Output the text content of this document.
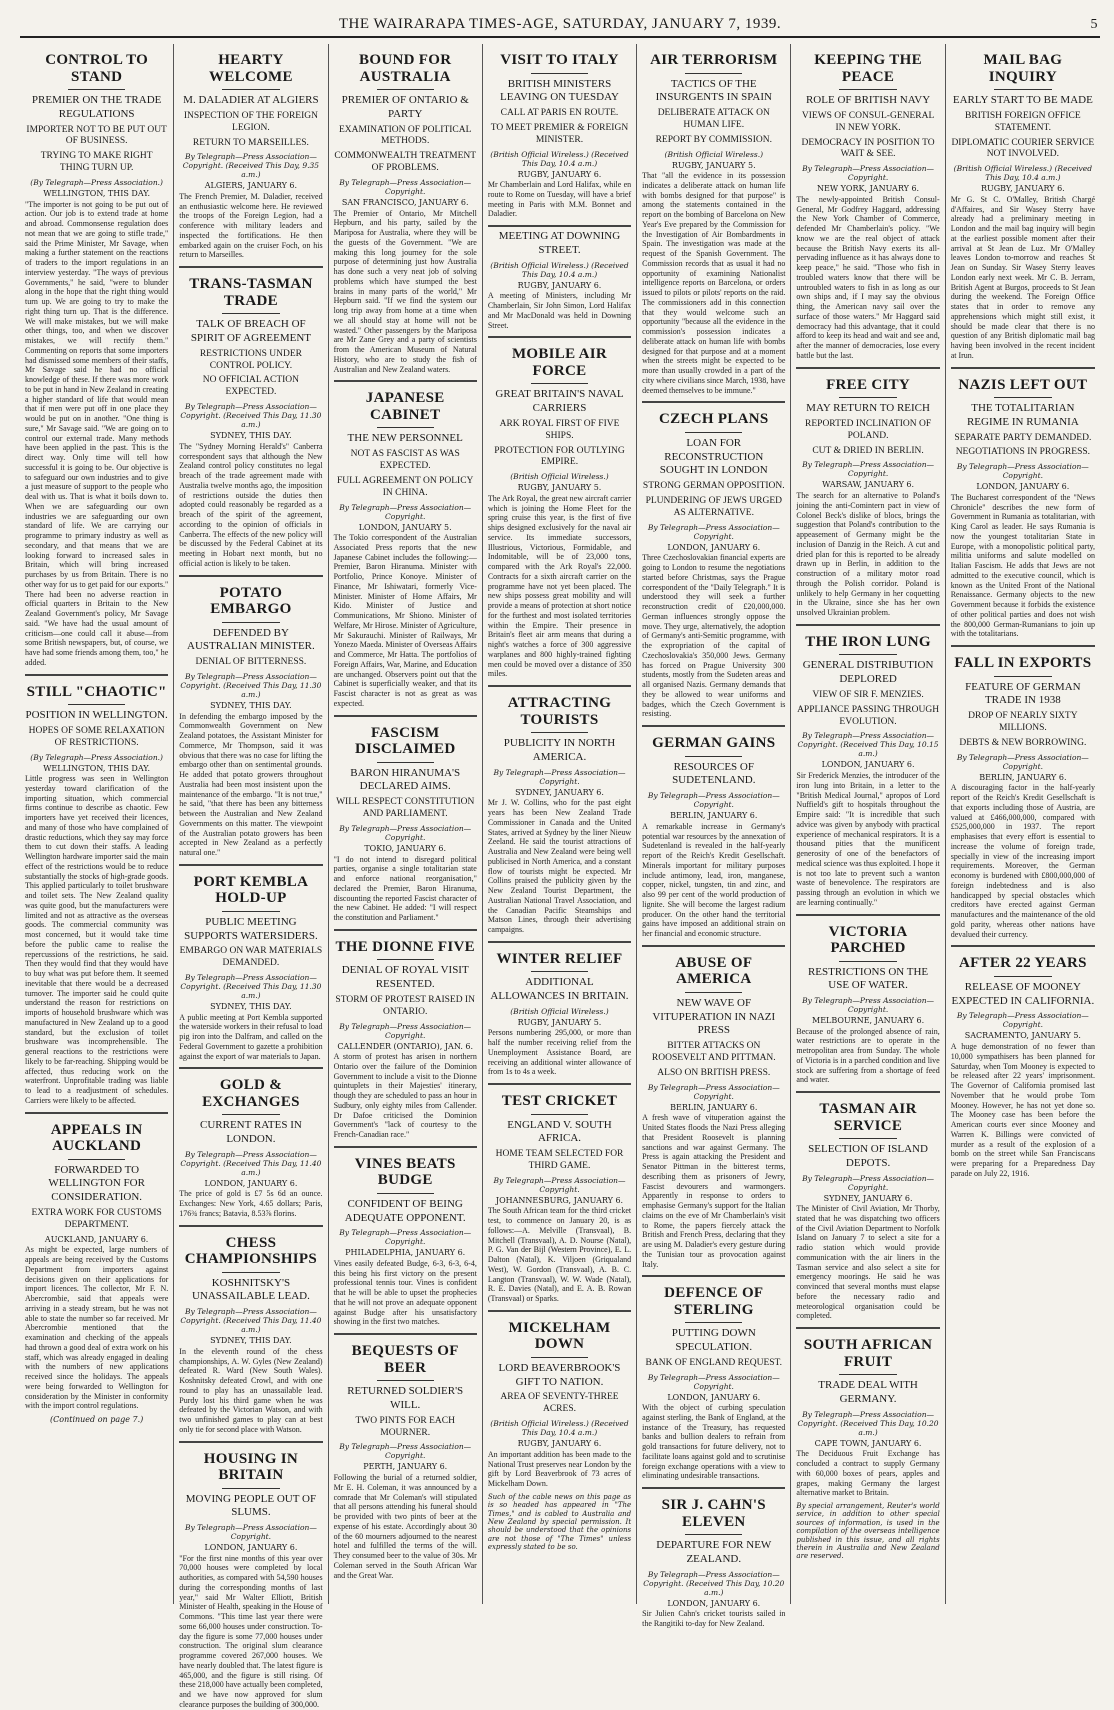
THE WAIRARAPA TIMES-AGE, SATURDAY, JANUARY 7, 1939.	5
CONTROL TO STAND
PREMIER ON THE TRADE REGULATIONS
IMPORTER NOT TO BE PUT OUT OF BUSINESS.
TRYING TO MAKE RIGHT THING TURN UP.
(By Telegraph—Press Association.)
WELLINGTON, THIS DAY.

"The importer is not going to be put out of action. Our job is to extend trade at home and abroad. Commonsense regulation does not mean that we are going to stifle trade," said the Prime Minister, Mr Savage, when making a further statement on the reactions of traders to the import regulations in an interview yesterday. "The ways of previous Governments," he said, "were to blunder along in the hope that the right thing would turn up. We are going to try to make the right thing turn up. That is the difference. We will make mistakes, but we will make other things, too, and when we discover mistakes, we will rectify them." Commenting on reports that some importers had dismissed some members of their staffs, Mr Savage said he had no official knowledge of these. If there was more work to be put in hand in New Zealand in creating a higher standard of life that would mean that if men were put off in one place they would be put on in another. "One thing is sure," Mr Savage said. "We are going on to control our external trade. Many methods have been applied in the past. This is the direct way. Only time will tell how successful it is going to be. Our objective is to safeguard our own industries and to give a just measure of support to the people who deal with us. That is what it boils down to. When we are safeguarding our own industries we are safeguarding our own standard of life. We are carrying our programme to primary industry as well as secondary, and that means that we are looking forward to increased sales in Britain, which will bring increased purchases by us from Britain. There is no other way for us to get paid for our exports." There had been no adverse reaction in official quarters in Britain to the New Zealand Government's policy, Mr Savage said. "We have had the usual amount of criticism—one could call it abuse—from some British newspapers, but, of course, we have had some friends among them, too," he added.

STILL "CHAOTIC"
POSITION IN WELLINGTON.
HOPES OF SOME RELAXATION OF RESTRICTIONS.
(By Telegraph—Press Association.)
WELLINGTON, THIS DAY.

Little progress was seen in Wellington yesterday toward clarification of the importing situation, which commercial firms continue to describe as chaotic. Few importers have yet received their licences, and many of those who have complained of drastic reductions, which they say may force them to cut down their staffs. A leading Wellington hardware importer said the main effect of the restrictions would be to reduce substantially the stocks of high-grade goods. This applied particularly to toilet brushware and toilet sets. The New Zealand quality was quite good, but the manufacturers were limited and not as attractive as the overseas goods. The commercial community was most concerned, but it would take time before the public came to realise the repercussions of the restrictions, he said. Then they would find that they would have to buy what was put before them. It seemed inevitable that there would be a decreased turnover. The importer said he could quite understand the reason for restrictions on imports of household brushware which was manufactured in New Zealand up to a good standard, but the exclusion of toilet brushware was incomprehensible. The general reactions to the restrictions were likely to be far-reaching. Shipping would be affected, thus reducing work on the waterfront. Unprofitable trading was liable to lead to a readjustment of schedules. Carriers were likely to be affected.

APPEALS IN AUCKLAND
FORWARDED TO WELLINGTON FOR CONSIDERATION.
EXTRA WORK FOR CUSTOMS DEPARTMENT.
AUCKLAND, JANUARY 6.

As might be expected, large numbers of appeals are being received by the Customs Department from importers against decisions given on their applications for import licences. The collector, Mr F. N. Abercrombie, said that appeals were arriving in a steady stream, but he was not able to state the number so far received. Mr Abercrombie mentioned that the examination and checking of the appeals had thrown a good deal of extra work on his staff, which was already engaged in dealing with the numbers of new applications received since the holidays. The appeals were being forwarded to Wellington for consideration by the Minister in conformity with the import control regulations.

(Continued on page 7.)
HEARTY WELCOME
M. DALADIER AT ALGIERS
INSPECTION OF THE FOREIGN LEGION.
RETURN TO MARSEILLES.
By Telegraph—Press Association—Copyright. (Received This Day, 9.35 a.m.)
ALGIERS, JANUARY 6.

The French Premier, M. Daladier, received an enthusiastic welcome here. He reviewed the troops of the Foreign Legion, had a conference with military leaders and inspected the fortifications. He then embarked again on the cruiser Foch, on his return to Marseilles.

TRANS-TASMAN TRADE
TALK OF BREACH OF SPIRIT OF AGREEMENT
RESTRICTIONS UNDER CONTROL POLICY.
NO OFFICIAL ACTION EXPECTED.
By Telegraph—Press Association—Copyright. (Received This Day, 11.30 a.m.)
SYDNEY, THIS DAY.

The "Sydney Morning Herald's" Canberra correspondent says that although the New Zealand control policy constitutes no legal breach of the trade agreement made with Australia twelve months ago, the imposition of restrictions outside the duties then adopted could reasonably be regarded as a breach of the spirit of the agreement, according to the opinion of officials in Canberra. The effects of the new policy will be discussed by the Federal Cabinet at its meeting in Hobart next month, but no official action is likely to be taken.

POTATO EMBARGO
DEFENDED BY AUSTRALIAN MINISTER.
DENIAL OF BITTERNESS.
By Telegraph—Press Association—Copyright. (Received This Day, 11.30 a.m.)
SYDNEY, THIS DAY.

In defending the embargo imposed by the Commonwealth Government on New Zealand potatoes, the Assistant Minister for Commerce, Mr Thompson, said it was obvious that there was no case for lifting the embargo other than on sentimental grounds. He added that potato growers throughout Australia had been most insistent upon the maintenance of the embargo. "It is not true," he said, "that there has been any bitterness between the Australian and New Zealand Governments on this matter. The viewpoint of the Australian potato growers has been accepted in New Zealand as a perfectly natural one."

PORT KEMBLA HOLD-UP
PUBLIC MEETING SUPPORTS WATERSIDERS.
EMBARGO ON WAR MATERIALS DEMANDED.
By Telegraph—Press Association—Copyright. (Received This Day, 11.30 a.m.)
SYDNEY, THIS DAY.

A public meeting at Port Kembla supported the waterside workers in their refusal to load pig iron into the Dalfram, and called on the Federal Government to gazette a prohibition against the export of war materials to Japan.

GOLD & EXCHANGES
CURRENT RATES IN LONDON.
By Telegraph—Press Association—Copyright. (Received This Day, 11.40 a.m.)
LONDON, JANUARY 6.

The price of gold is £7 5s 6d an ounce. Exchanges: New York, 4.65 dollars; Paris, 176¾ francs; Batavia, 8.53⅞ florins.

CHESS CHAMPIONSHIPS
KOSHNITSKY'S UNASSAILABLE LEAD.
By Telegraph—Press Association—Copyright. (Received This Day, 11.40 a.m.)
SYDNEY, THIS DAY.

In the eleventh round of the chess championships, A. W. Gyles (New Zealand) defeated R. Ward (New South Wales). Koshnitsky defeated Crowl, and with one round to play has an unassailable lead. Purdy lost his third game when he was defeated by the Victorian Watson, and with two unfinished games to play can at best only tie for second place with Watson.

HOUSING IN BRITAIN
MOVING PEOPLE OUT OF SLUMS.
By Telegraph—Press Association—Copyright.
LONDON, JANUARY 6.

"For the first nine months of this year over 70,000 houses were completed by local authorities, as compared with 54,590 houses during the corresponding months of last year," said Mr Walter Elliott, British Minister of Health, speaking in the House of Commons. "This time last year there were some 66,000 houses under construction. To-day the figure is some 77,000 houses under construction. The original slum clearance programme covered 267,000 houses. We have nearly doubled that. The latest figure is 465,000, and the figure is still rising. Of these 218,000 have actually been completed, and we have now approved for slum clearance purposes the building of 300,000.

BOUND FOR AUSTRALIA
PREMIER OF ONTARIO & PARTY
EXAMINATION OF POLITICAL METHODS.
COMMONWEALTH TREATMENT OF PROBLEMS.
By Telegraph—Press Association—Copyright.
SAN FRANCISCO, JANUARY 6.

The Premier of Ontario, Mr Mitchell Hepburn, and his party, sailed by the Mariposa for Australia, where they will be the guests of the Government. "We are making this long journey for the sole purpose of determining just how Australia has done such a very neat job of solving problems which have stumped the best brains in many parts of the world," Mr Hepburn said. "If we find the system our long trip away from home at a time when we all should stay at home will not be wasted." Other passengers by the Mariposa are Mr Zane Grey and a party of scientists from the American Museum of Natural History, who are to study the fish of Australian and New Zealand waters.

JAPANESE CABINET
THE NEW PERSONNEL
NOT AS FASCIST AS WAS EXPECTED.
FULL AGREEMENT ON POLICY IN CHINA.
By Telegraph—Press Association—Copyright.
LONDON, JANUARY 5.

The Tokio correspondent of the Australian Associated Press reports that the new Japanese Cabinet includes the following:— Premier, Baron Hiranuma. Minister with Portfolio, Prince Konoye. Minister of Finance, Mr Ishiwatari, formerly Vice-Minister. Minister of Home Affairs, Mr Kido. Minister of Justice and Communications, Mr Shiono. Minister of Welfare, Mr Hirose. Minister of Agriculture, Mr Sakurauchi. Minister of Railways, Mr Yonezo Maeda. Minister of Overseas Affairs and Commerce, Mr Hatta. The portfolios of Foreign Affairs, War, Marine, and Education are unchanged. Observers point out that the Cabinet is superficially weaker, and that its Fascist character is not as great as was expected.

FASCISM DISCLAIMED
BARON HIRANUMA'S DECLARED AIMS.
WILL RESPECT CONSTITUTION AND PARLIAMENT.
By Telegraph—Press Association—Copyright.
TOKIO, JANUARY 6.

"I do not intend to disregard political parties, organise a single totalitarian state and enforce national reorganisation," declared the Premier, Baron Hiranuma, discounting the reported Fascist character of the new Cabinet. He added: "I will respect the constitution and Parliament."

THE DIONNE FIVE
DENIAL OF ROYAL VISIT RESENTED.
STORM OF PROTEST RAISED IN ONTARIO.
By Telegraph—Press Association—Copyright.
CALLENDER (ONTARIO), JAN. 6.

A storm of protest has arisen in northern Ontario over the failure of the Dominion Government to include a visit to the Dionne quintuplets in their Majesties' itinerary, though they are scheduled to pass an hour in Sudbury, only eighty miles from Callender. Dr Dafoe criticised the Dominion Government's "lack of courtesy to the French-Canadian race."

VINES BEATS BUDGE
CONFIDENT OF BEING ADEQUATE OPPONENT.
By Telegraph—Press Association—Copyright.
PHILADELPHIA, JANUARY 6.

Vines easily defeated Budge, 6-3, 6-3, 6-4, this being his first victory on the present professional tennis tour. Vines is confident that he will be able to upset the prophecies that he will not prove an adequate opponent against Budge after his unsatisfactory showing in the first two matches.

BEQUESTS OF BEER
RETURNED SOLDIER'S WILL.
TWO PINTS FOR EACH MOURNER.
By Telegraph—Press Association—Copyright.
PERTH, JANUARY 6.

Following the burial of a returned soldier, Mr E. H. Coleman, it was announced by a comrade that Mr Coleman's will stipulated that all persons attending his funeral should be provided with two pints of beer at the expense of his estate. Accordingly about 30 of the 60 mourners adjourned to the nearest hotel and fulfilled the terms of the will. They consumed beer to the value of 30s. Mr Coleman served in the South African War and the Great War.

VISIT TO ITALY
BRITISH MINISTERS LEAVING ON TUESDAY
CALL AT PARIS EN ROUTE.
TO MEET PREMIER & FOREIGN MINISTER.
(British Official Wireless.) (Received This Day, 10.4 a.m.)
RUGBY, JANUARY 6.

Mr Chamberlain and Lord Halifax, while en route to Rome on Tuesday, will have a brief meeting in Paris with M.M. Bonnet and Daladier.

MEETING AT DOWNING STREET.
(British Official Wireless.) (Received This Day, 10.4 a.m.)
RUGBY, JANUARY 6.

A meeting of Ministers, including Mr Chamberlain, Sir John Simon, Lord Halifax and Mr MacDonald was held in Downing Street.

MOBILE AIR FORCE
GREAT BRITAIN'S NAVAL CARRIERS
ARK ROYAL FIRST OF FIVE SHIPS.
PROTECTION FOR OUTLYING EMPIRE.
(British Official Wireless.)
RUGBY, JANUARY 5.

The Ark Royal, the great new aircraft carrier which is joining the Home Fleet for the spring cruise this year, is the first of five ships designed exclusively for the naval air service. Its immediate successors, Illustrious, Victorious, Formidable, and Indomitable, will be of 23,000 tons, compared with the Ark Royal's 22,000. Contracts for a sixth aircraft carrier on the programme have not yet been placed. The new ships possess great mobility and will provide a means of protection at short notice for the furthest and most isolated territories within the Empire. Their presence in Britain's fleet air arm means that during a night's watches a force of 300 aggressive warplanes and 800 highly-trained fighting men could be moved over a distance of 350 miles.

ATTRACTING TOURISTS
PUBLICITY IN NORTH AMERICA.
By Telegraph—Press Association—Copyright.
SYDNEY, JANUARY 6.

Mr J. W. Collins, who for the past eight years has been New Zealand Trade Commissioner in Canada and the United States, arrived at Sydney by the liner Nieuw Zeeland. He said the tourist attractions of Australia and New Zealand were being well publicised in North America, and a constant flow of tourists might be expected. Mr Collins praised the publicity given by the New Zealand Tourist Department, the Australian National Travel Association, and the Canadian Pacific Steamships and Matson Lines, through their advertising campaigns.

WINTER RELIEF
ADDITIONAL ALLOWANCES IN BRITAIN.
(British Official Wireless.)
RUGBY, JANUARY 5.

Persons numbering 295,000, or more than half the number receiving relief from the Unemployment Assistance Board, are receiving an additional winter allowance of from 1s to 4s a week.

TEST CRICKET
ENGLAND V. SOUTH AFRICA.
HOME TEAM SELECTED FOR THIRD GAME.
By Telegraph—Press Association—Copyright.
JOHANNESBURG, JANUARY 6.

The South African team for the third cricket test, to commence on January 20, is as follows:—A. Melville (Transvaal), B. Mitchell (Transvaal), A. D. Nourse (Natal), P. G. Van der Bijl (Western Province), E. L. Dalton (Natal), K. Viljoen (Griqualand West), W. Gordon (Transvaal), A. B. C. Langton (Transvaal), W. W. Wade (Natal), R. E. Davies (Natal), and E. A. B. Rowan (Transvaal) or Sparks.

MICKELHAM DOWN
LORD BEAVERBROOK'S GIFT TO NATION.
AREA OF SEVENTY-THREE ACRES.
(British Official Wireless.) (Received This Day, 10.4 a.m.)
RUGBY, JANUARY 6.

An important addition has been made to the National Trust preserves near London by the gift by Lord Beaverbrook of 73 acres of Mickelham Down.

Such of the cable news on this page as is so headed has appeared in "The Times," and is cabled to Australia and New Zealand by special permission. It should be understood that the opinions are not those of "The Times" unless expressly stated to be so.
AIR TERRORISM
TACTICS OF THE INSURGENTS IN SPAIN
DELIBERATE ATTACK ON HUMAN LIFE.
REPORT BY COMMISSION.
(British Official Wireless.)
RUGBY, JANUARY 5.

That "all the evidence in its possession indicates a deliberate attack on human life with bombs designed for that purpose" is among the statements contained in the report on the bombing of Barcelona on New Year's Eve prepared by the Commission for the Investigation of Air Bombardments in Spain. The investigation was made at the request of the Spanish Government. The Commission records that as usual it had no opportunity of examining Nationalist intelligence reports on Barcelona, or orders issued to pilots or pilots' reports on the raid. The commissioners add in this connection that they would welcome such an opportunity "because all the evidence in the commission's possession indicates a deliberate attack on human life with bombs designed for that purpose and at a moment when the streets might be expected to be more than usually crowded in a part of the city where civilians since March, 1938, have deemed themselves to be immune."

CZECH PLANS
LOAN FOR RECONSTRUCTION SOUGHT IN LONDON
STRONG GERMAN OPPOSITION.
PLUNDERING OF JEWS URGED AS ALTERNATIVE.
By Telegraph—Press Association—Copyright.
LONDON, JANUARY 6.

Three Czechoslovakian financial experts are going to London to resume the negotiations started before Christmas, says the Prague correspondent of the "Daily Telegraph." It is understood they will seek a further reconstruction credit of £20,000,000. German influences strongly oppose the move. They urge, alternatively, the adoption of Germany's anti-Semitic programme, with the expropriation of the capital of Czechoslovakia's 350,000 Jews. Germany has forced on Prague University 300 students, mostly from the Sudeten areas and all organised Nazis. Germany demands that they be allowed to wear uniforms and badges, which the Czech Government is resisting.

GERMAN GAINS
RESOURCES OF SUDETENLAND.
By Telegraph—Press Association—Copyright.
BERLIN, JANUARY 6.

A remarkable increase in Germany's potential war resources by the annexation of Sudetenland is revealed in the half-yearly report of the Reich's Kredit Gesellschaft. Minerals important for military purposes include antimony, lead, iron, manganese, copper, nickel, tungsten, tin and zinc, and also 99 per cent of the world production of lignite. She will become the largest radium producer. On the other hand the territorial gains have imposed an additional strain on her financial and economic structure.

ABUSE OF AMERICA
NEW WAVE OF VITUPERATION IN NAZI PRESS
BITTER ATTACKS ON ROOSEVELT AND PITTMAN.
ALSO ON BRITISH PRESS.
By Telegraph—Press Association—Copyright.
BERLIN, JANUARY 6.

A fresh wave of vituperation against the United States floods the Nazi Press alleging that President Roosevelt is planning sanctions and war against Germany. The Press is again attacking the President and Senator Pittman in the bitterest terms, describing them as prisoners of Jewry, Fascist devourers and warmongers. Apparently in response to orders to emphasise Germany's support for the Italian claims on the eve of Mr Chamberlain's visit to Rome, the papers fiercely attack the British and French Press, declaring that they are using M. Daladier's every gesture during the Tunisian tour as provocation against Italy.

DEFENCE OF STERLING
PUTTING DOWN SPECULATION.
BANK OF ENGLAND REQUEST.
By Telegraph—Press Association—Copyright.
LONDON, JANUARY 6.

With the object of curbing speculation against sterling, the Bank of England, at the instance of the Treasury, has requested banks and bullion dealers to refrain from gold transactions for future delivery, not to facilitate loans against gold and to scrutinise foreign exchange operations with a view to eliminating undesirable transactions.

SIR J. CAHN'S ELEVEN
DEPARTURE FOR NEW ZEALAND.
By Telegraph—Press Association—Copyright. (Received This Day, 10.20 a.m.)
LONDON, JANUARY 6.

Sir Julien Cahn's cricket tourists sailed in the Rangitiki to-day for New Zealand.

KEEPING THE PEACE
ROLE OF BRITISH NAVY
VIEWS OF CONSUL-GENERAL IN NEW YORK.
DEMOCRACY IN POSITION TO WAIT & SEE.
By Telegraph—Press Association—Copyright.
NEW YORK, JANUARY 6.

The newly-appointed British Consul-General, Mr Godfrey Haggard, addressing the New York Chamber of Commerce, defended Mr Chamberlain's policy. "We know we are the real object of attack because the British Navy exerts its all-pervading influence as it has always done to keep peace," he said. "Those who fish in troubled waters know that there will be untroubled waters to fish in as long as our own ships and, if I may say the obvious thing, the American navy sail over the surface of those waters." Mr Haggard said democracy had this advantage, that it could afford to keep its head and wait and see and, after the manner of democracies, lose every battle but the last.

FREE CITY
MAY RETURN TO REICH
REPORTED INCLINATION OF POLAND.
CUT & DRIED IN BERLIN.
By Telegraph—Press Association—Copyright.
WARSAW, JANUARY 6.

The search for an alternative to Poland's joining the anti-Comintern pact in view of Colonel Beck's dislike of blocs, brings the suggestion that Poland's contribution to the appeasement of Germany might be the inclusion of Danzig in the Reich. A cut and dried plan for this is reported to be already drawn up in Berlin, in addition to the construction of a military motor road through the Polish corridor. Poland is unlikely to help Germany in her coquetting in the Ukraine, since she has her own unsolved Ukrainian problem.

THE IRON LUNG
GENERAL DISTRIBUTION DEPLORED
VIEW OF SIR F. MENZIES.
APPLIANCE PASSING THROUGH EVOLUTION.
By Telegraph—Press Association—Copyright. (Received This Day, 10.15 a.m.)
LONDON, JANUARY 6.

Sir Frederick Menzies, the introducer of the iron lung into Britain, in a letter to the "British Medical Journal," apropos of Lord Nuffield's gift to hospitals throughout the Empire said: "It is incredible that such advice was given by anybody with practical experience of mechanical respirators. It is a thousand pities that the munificent generosity of one of the benefactors of medical science was thus exploited. I hope it is not too late to prevent such a wanton waste of benevolence. The respirators are passing through an evolution in which we are learning continually."

VICTORIA PARCHED
RESTRICTIONS ON THE USE OF WATER.
By Telegraph—Press Association—Copyright.
MELBOURNE, JANUARY 6.

Because of the prolonged absence of rain, water restrictions are to operate in the metropolitan area from Sunday. The whole of Victoria is in a parched condition and live stock are suffering from a shortage of feed and water.

TASMAN AIR SERVICE
SELECTION OF ISLAND DEPOTS.
By Telegraph—Press Association—Copyright.
SYDNEY, JANUARY 6.

The Minister of Civil Aviation, Mr Thorby, stated that he was dispatching two officers of the Civil Aviation Department to Norfolk Island on January 7 to select a site for a radio station which would provide communication with the air liners in the Tasman service and also select a site for emergency moorings. He said he was convinced that several months must elapse before the necessary radio and meteorological organisation could be completed.

SOUTH AFRICAN FRUIT
TRADE DEAL WITH GERMANY.
By Telegraph—Press Association—Copyright. (Received This Day, 10.20 a.m.)
CAPE TOWN, JANUARY 6.

The Deciduous Fruit Exchange has concluded a contract to supply Germany with 60,000 boxes of pears, apples and grapes, making Germany the largest alternative market to Britain.

By special arrangement, Reuter's world service, in addition to other special sources of information, is used in the compilation of the overseas intelligence published in this issue, and all rights therein in Australia and New Zealand are reserved.
MAIL BAG INQUIRY
EARLY START TO BE MADE
BRITISH FOREIGN OFFICE STATEMENT.
DIPLOMATIC COURIER SERVICE NOT INVOLVED.
(British Official Wireless.) (Received This Day, 10.4 a.m.)
RUGBY, JANUARY 6.

Mr G. St C. O'Malley, British Chargé d'Affaires, and Sir Wasey Sterry have already had a preliminary meeting in London and the mail bag inquiry will begin at the earliest possible moment after their arrival at St Jean de Luz. Mr O'Malley leaves London to-morrow and reaches St Jean on Sunday. Sir Wasey Sterry leaves London early next week. Mr C. B. Jerram, British Agent at Burgos, proceeds to St Jean during the weekend. The Foreign Office states that in order to remove any apprehensions which might still exist, it should be made clear that there is no question of any British diplomatic mail bag having been involved in the recent incident at Irun.

NAZIS LEFT OUT
THE TOTALITARIAN REGIME IN RUMANIA
SEPARATE PARTY DEMANDED.
NEGOTIATIONS IN PROGRESS.
By Telegraph—Press Association—Copyright.
LONDON, JANUARY 6.

The Bucharest correspondent of the "News Chronicle" describes the new form of Government in Rumania as totalitarian, with King Carol as leader. He says Rumania is now the youngest totalitarian State in Europe, with a monopolistic political party, militia uniforms and salute modelled on Italian Fascism. He adds that Jews are not admitted to the executive council, which is known as the United Front of the National Renaissance. Germany objects to the new Government because it forbids the existence of other political parties and does not wish the 800,000 German-Rumanians to join up with the totalitarians.

FALL IN EXPORTS
FEATURE OF GERMAN TRADE IN 1938
DROP OF NEARLY SIXTY MILLIONS.
DEBTS & NEW BORROWING.
By Telegraph—Press Association—Copyright.
BERLIN, JANUARY 6.

A discouraging factor in the half-yearly report of the Reich's Kredit Gesellschaft is that exports including those of Austria, are valued at £466,000,000, compared with £525,000,000 in 1937. The report emphasises that every effort is essential to increase the volume of foreign trade, specially in view of the increasing import requirements. Moreover, the German economy is burdened with £800,000,000 of foreign indebtedness and is also handicapped by special obstacles which creditors have erected against German manufactures and the maintenance of the old gold parity, whereas other nations have devalued their currency.

AFTER 22 YEARS
RELEASE OF MOONEY EXPECTED IN CALIFORNIA.
By Telegraph—Press Association—Copyright.
SACRAMENTO, JANUARY 5.

A huge demonstration of no fewer than 10,000 sympathisers has been planned for Saturday, when Tom Mooney is expected to be released after 22 years' imprisonment. The Governor of California promised last November that he would probe Tom Mooney. However, he has not yet done so. The Mooney case has been before the American courts ever since Mooney and Warren K. Billings were convicted of murder as a result of the explosion of a bomb on the street while San Franciscans were preparing for a Preparedness Day parade on July 22, 1916.
